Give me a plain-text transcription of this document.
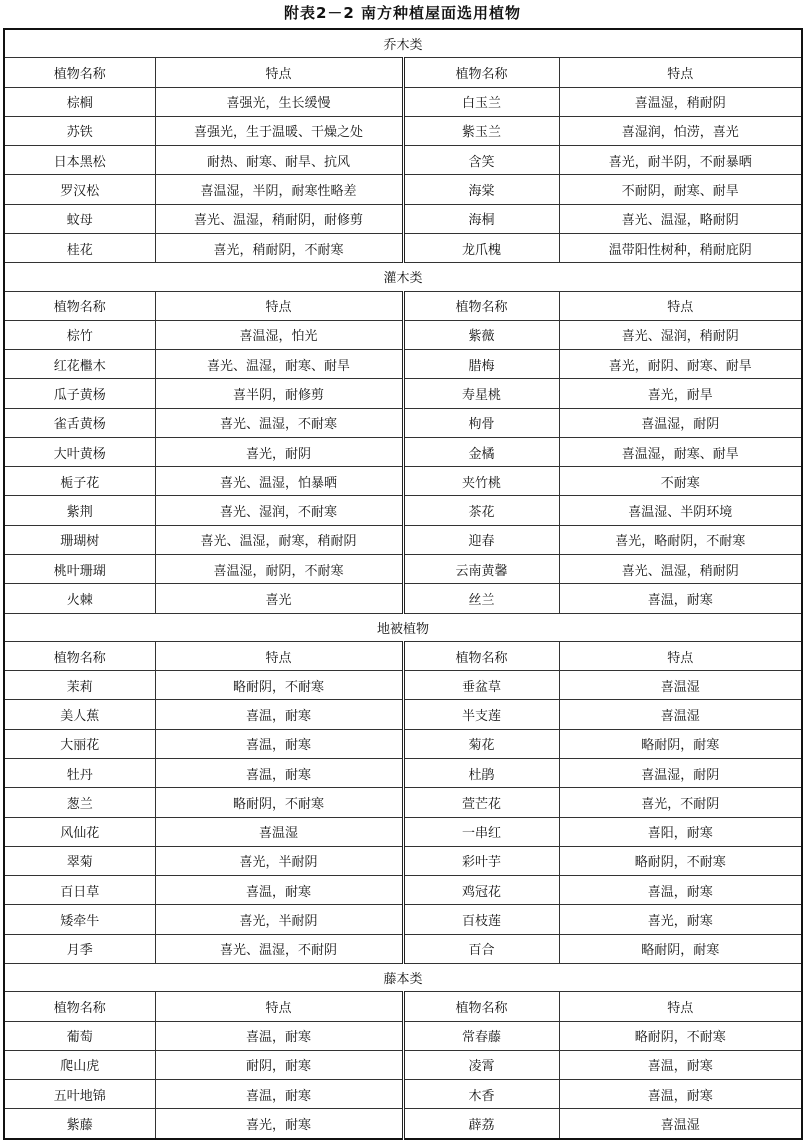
附表2－2 南方种植屋面选用植物
乔木类			
植物名称	特点	植物名称	特点
棕榈	喜强光，生长缓慢	白玉兰	喜温湿，稍耐阴
苏铁	喜强光，生于温暖、干燥之处	紫玉兰	喜湿润，怕涝，喜光
日本黑松	耐热、耐寒、耐旱、抗风	含笑	喜光，耐半阴，不耐暴晒
罗汉松	喜温湿，半阴，耐寒性略差	海棠	不耐阴，耐寒、耐旱
蚊母	喜光、温湿，稍耐阴，耐修剪	海桐	喜光、温湿，略耐阴
桂花	喜光，稍耐阴，不耐寒	龙爪槐	温带阳性树种，稍耐庇阴
灌木类			
植物名称	特点	植物名称	特点
棕竹	喜温湿，怕光	紫薇	喜光、湿润，稍耐阴
红花檵木	喜光、温湿，耐寒、耐旱	腊梅	喜光，耐阴、耐寒、耐旱
瓜子黄杨	喜半阴，耐修剪	寿星桃	喜光，耐旱
雀舌黄杨	喜光、温湿，不耐寒	枸骨	喜温湿，耐阴
大叶黄杨	喜光，耐阴	金橘	喜温湿，耐寒、耐旱
栀子花	喜光、温湿，怕暴晒	夹竹桃	不耐寒
紫荆	喜光、湿润，不耐寒	茶花	喜温湿、半阴环境
珊瑚树	喜光、温湿，耐寒，稍耐阴	迎春	喜光，略耐阴，不耐寒
桃叶珊瑚	喜温湿，耐阴，不耐寒	云南黄馨	喜光、温湿，稍耐阴
火棘	喜光	丝兰	喜温，耐寒
地被植物			
植物名称	特点	植物名称	特点
茉莉	略耐阴，不耐寒	垂盆草	喜温湿
美人蕉	喜温，耐寒	半支莲	喜温湿
大丽花	喜温，耐寒	菊花	略耐阴，耐寒
牡丹	喜温，耐寒	杜鹃	喜温湿，耐阴
葱兰	略耐阴，不耐寒	萱芒花	喜光，不耐阴
风仙花	喜温湿	一串红	喜阳，耐寒
翠菊	喜光，半耐阴	彩叶芋	略耐阴，不耐寒
百日草	喜温，耐寒	鸡冠花	喜温，耐寒
矮牵牛	喜光，半耐阴	百枝莲	喜光，耐寒
月季	喜光、温湿，不耐阴	百合	略耐阴，耐寒
藤本类			
植物名称	特点	植物名称	特点
葡萄	喜温，耐寒	常春藤	略耐阴，不耐寒
爬山虎	耐阴，耐寒	凌霄	喜温，耐寒
五叶地锦	喜温，耐寒	木香	喜温，耐寒
紫藤	喜光，耐寒	薜荔	喜温湿
